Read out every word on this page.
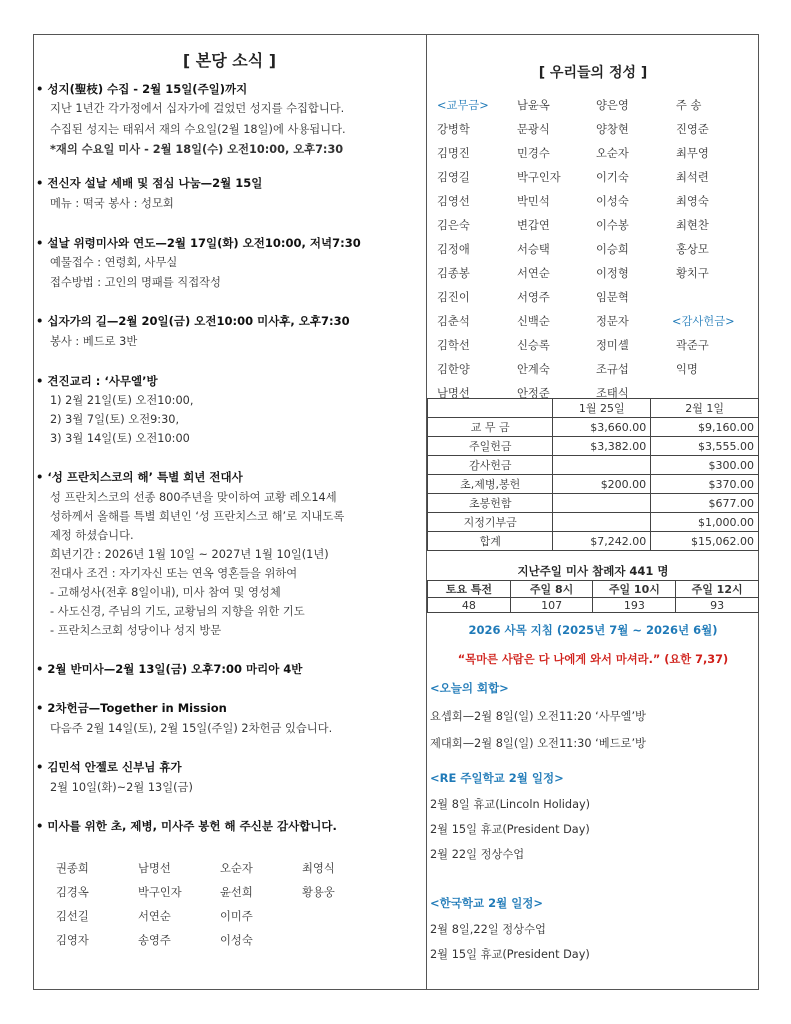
[ 본당 소식 ]
• 성지(聖枝) 수집 - 2월 15일(주일)까지
지난 1년간 각가정에서 십자가에 걸었던 성지를 수집합니다.
수집된 성지는 태워서 재의 수요일(2월 18일)에 사용됩니다.
*재의 수요일 미사 - 2월 18일(수) 오전10:00, 오후7:30
• 전신자 설날 세배 및 점심 나눔—2월 15일
메뉴 : 떡국 봉사 : 성모회
• 설날 위령미사와 연도—2월 17일(화) 오전10:00, 저녁7:30
예물접수 : 연령회, 사무실
접수방법 : 고인의 명패를 직접작성
• 십자가의 길—2월 20일(금) 오전10:00 미사후, 오후7:30
봉사 : 베드로 3반
• 견진교리 : ‘사무엘’방
1) 2월 21일(토) 오전10:00,
2) 3월 7일(토) 오전9:30,
3) 3월 14일(토) 오전10:00
• ‘성 프란치스코의 해’ 특별 희년 전대사
성 프란치스코의 선종 800주년을 맞이하여 교황 레오14세
성하께서 올해를 특별 희년인 ‘성 프란치스코 해’로 지내도록
제정 하셨습니다.
희년기간 : 2026년 1월 10일 ~ 2027년 1월 10일(1년)
전대사 조건 : 자기자신 또는 연옥 영혼들을 위하여
- 고해성사(전후 8일이내), 미사 참여 및 영성체
- 사도신경, 주님의 기도, 교황님의 지향을 위한 기도
- 프란치스코회 성당이나 성지 방문
• 2월 반미사—2월 13일(금) 오후7:00 마리아 4반
• 2차헌금—Together in Mission
다음주 2월 14일(토), 2월 15일(주일) 2차헌금 있습니다.
• 김민석 안젤로 신부님 휴가
2월 10일(화)~2월 13일(금)
• 미사를 위한 초, 제병, 미사주 봉헌 해 주신분 감사합니다.
권종희	남명선	오순자	최영식
김경옥	박구인자	윤선희	황용웅
김선길	서연순	이미주
김영자	송영주	이성숙
[ 우리들의 정성 ]
<교무금>	남윤옥	양은영	주 송
강병학	문광식	양창현	진영준
김명진	민경수	오순자	최무영
김영길	박구인자	이기숙	최석련
김영선	박민석	이성숙	최영숙
김은숙	변갑연	이수봉	최현찬
김정애	서승택	이승희	홍상모
김종봉	서연순	이정형	황치구
김진이	서영주	임문혁
김춘석	신백순	정문자	<감사헌금>
김학선	신승록	정미셸	곽준구
김한양	안계숙	조규섭	익명
남명선	안정준	조태식
	1월 25일	2월 1일
교 무 금	$3,660.00	$9,160.00
주일헌금	$3,382.00	$3,555.00
감사헌금		$300.00
초,제병,봉헌	$200.00	$370.00
초봉헌함		$677.00
지정기부금		$1,000.00
합계	$7,242.00	$15,062.00
지난주일 미사 참례자 441 명
토요 특전	주일 8시	주일 10시	주일 12시
48	107	193	93
2026 사목 지침 (2025년 7월 ~ 2026년 6월)
“목마른 사람은 다 나에게 와서 마셔라.” (요한 7,37)
<오늘의 회합>
요셉회—2월 8일(일) 오전11:20 ‘사무엘’방
제대회—2월 8일(일) 오전11:30 ‘베드로’방
<RE 주일학교 2월 일정>
2월 8일 휴교(Lincoln Holiday)
2월 15일 휴교(President Day)
2월 22일 정상수업
<한국학교 2월 일정>
2월 8일,22일 정상수업
2월 15일 휴교(President Day)
